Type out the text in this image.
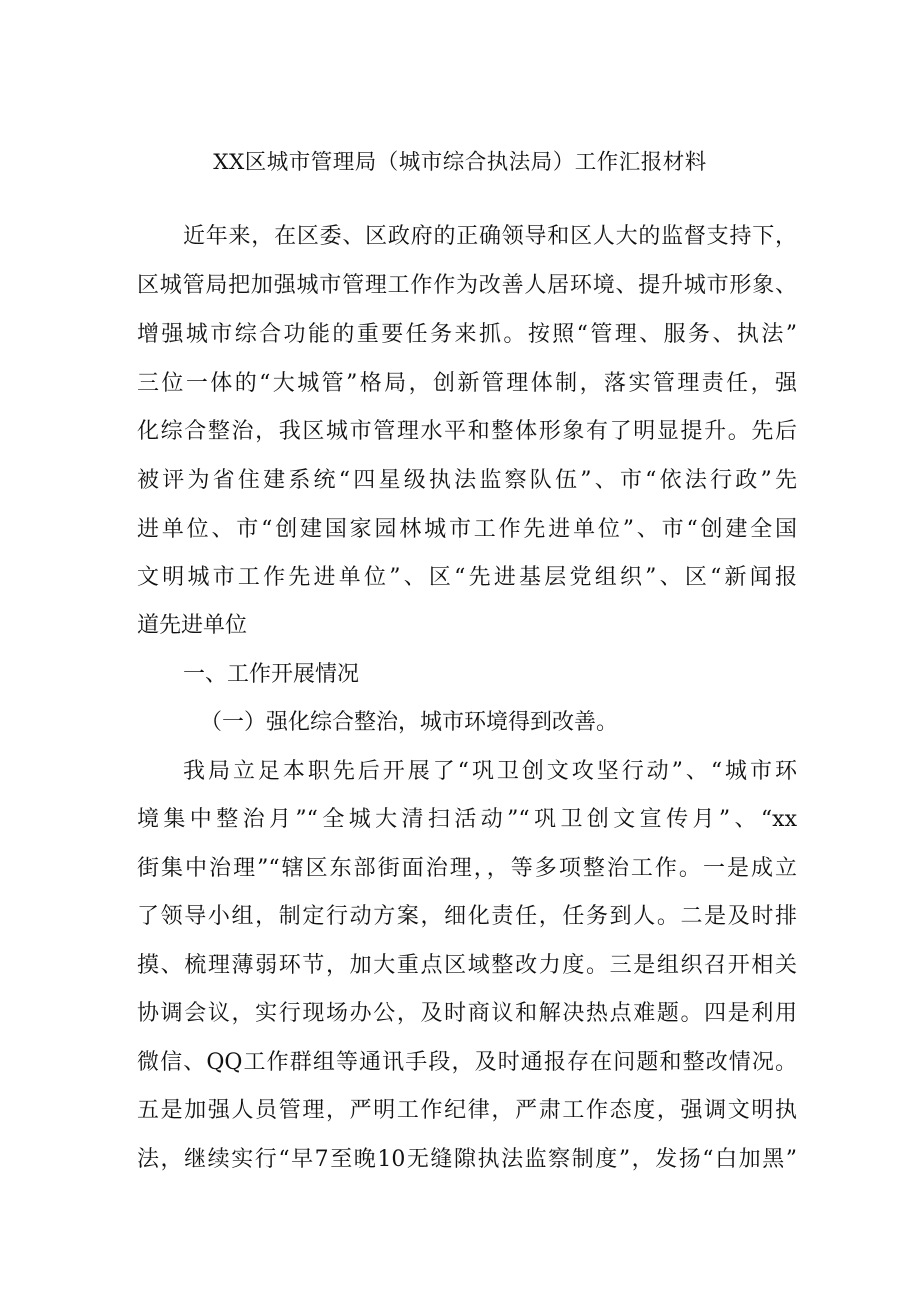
XX区城市管理局（城市综合执法局）工作汇报材料
近年来，在区委、区政府的正确领导和区人大的监督支持下，
区城管局把加强城市管理工作作为改善人居环境、提升城市形象、
增强城市综合功能的重要任务来抓。按照“管理、服务、执法”
三位一体的“大城管”格局，创新管理体制，落实管理责任，强
化综合整治，我区城市管理水平和整体形象有了明显提升。先后
被评为省住建系统“四星级执法监察队伍”、市“依法行政”先
进单位、市“创建国家园林城市工作先进单位”、市“创建全国
文明城市工作先进单位”、区“先进基层党组织”、区“新闻报
道先进单位
一、工作开展情况
（一）强化综合整治，城市环境得到改善。
我局立足本职先后开展了“巩卫创文攻坚行动”、“城市环
境集中整治月”“全城大清扫活动”“巩卫创文宣传月”、“xx
街集中治理”“辖区东部街面治理，，等多项整治工作。一是成立
了领导小组，制定行动方案，细化责任，任务到人。二是及时排
摸、梳理薄弱环节，加大重点区域整改力度。三是组织召开相关
协调会议，实行现场办公，及时商议和解决热点难题。四是利用
微信、QQ工作群组等通讯手段，及时通报存在问题和整改情况。
五是加强人员管理，严明工作纪律，严肃工作态度，强调文明执
法，继续实行“早7至晚10无缝隙执法监察制度”，发扬“白加黑”
